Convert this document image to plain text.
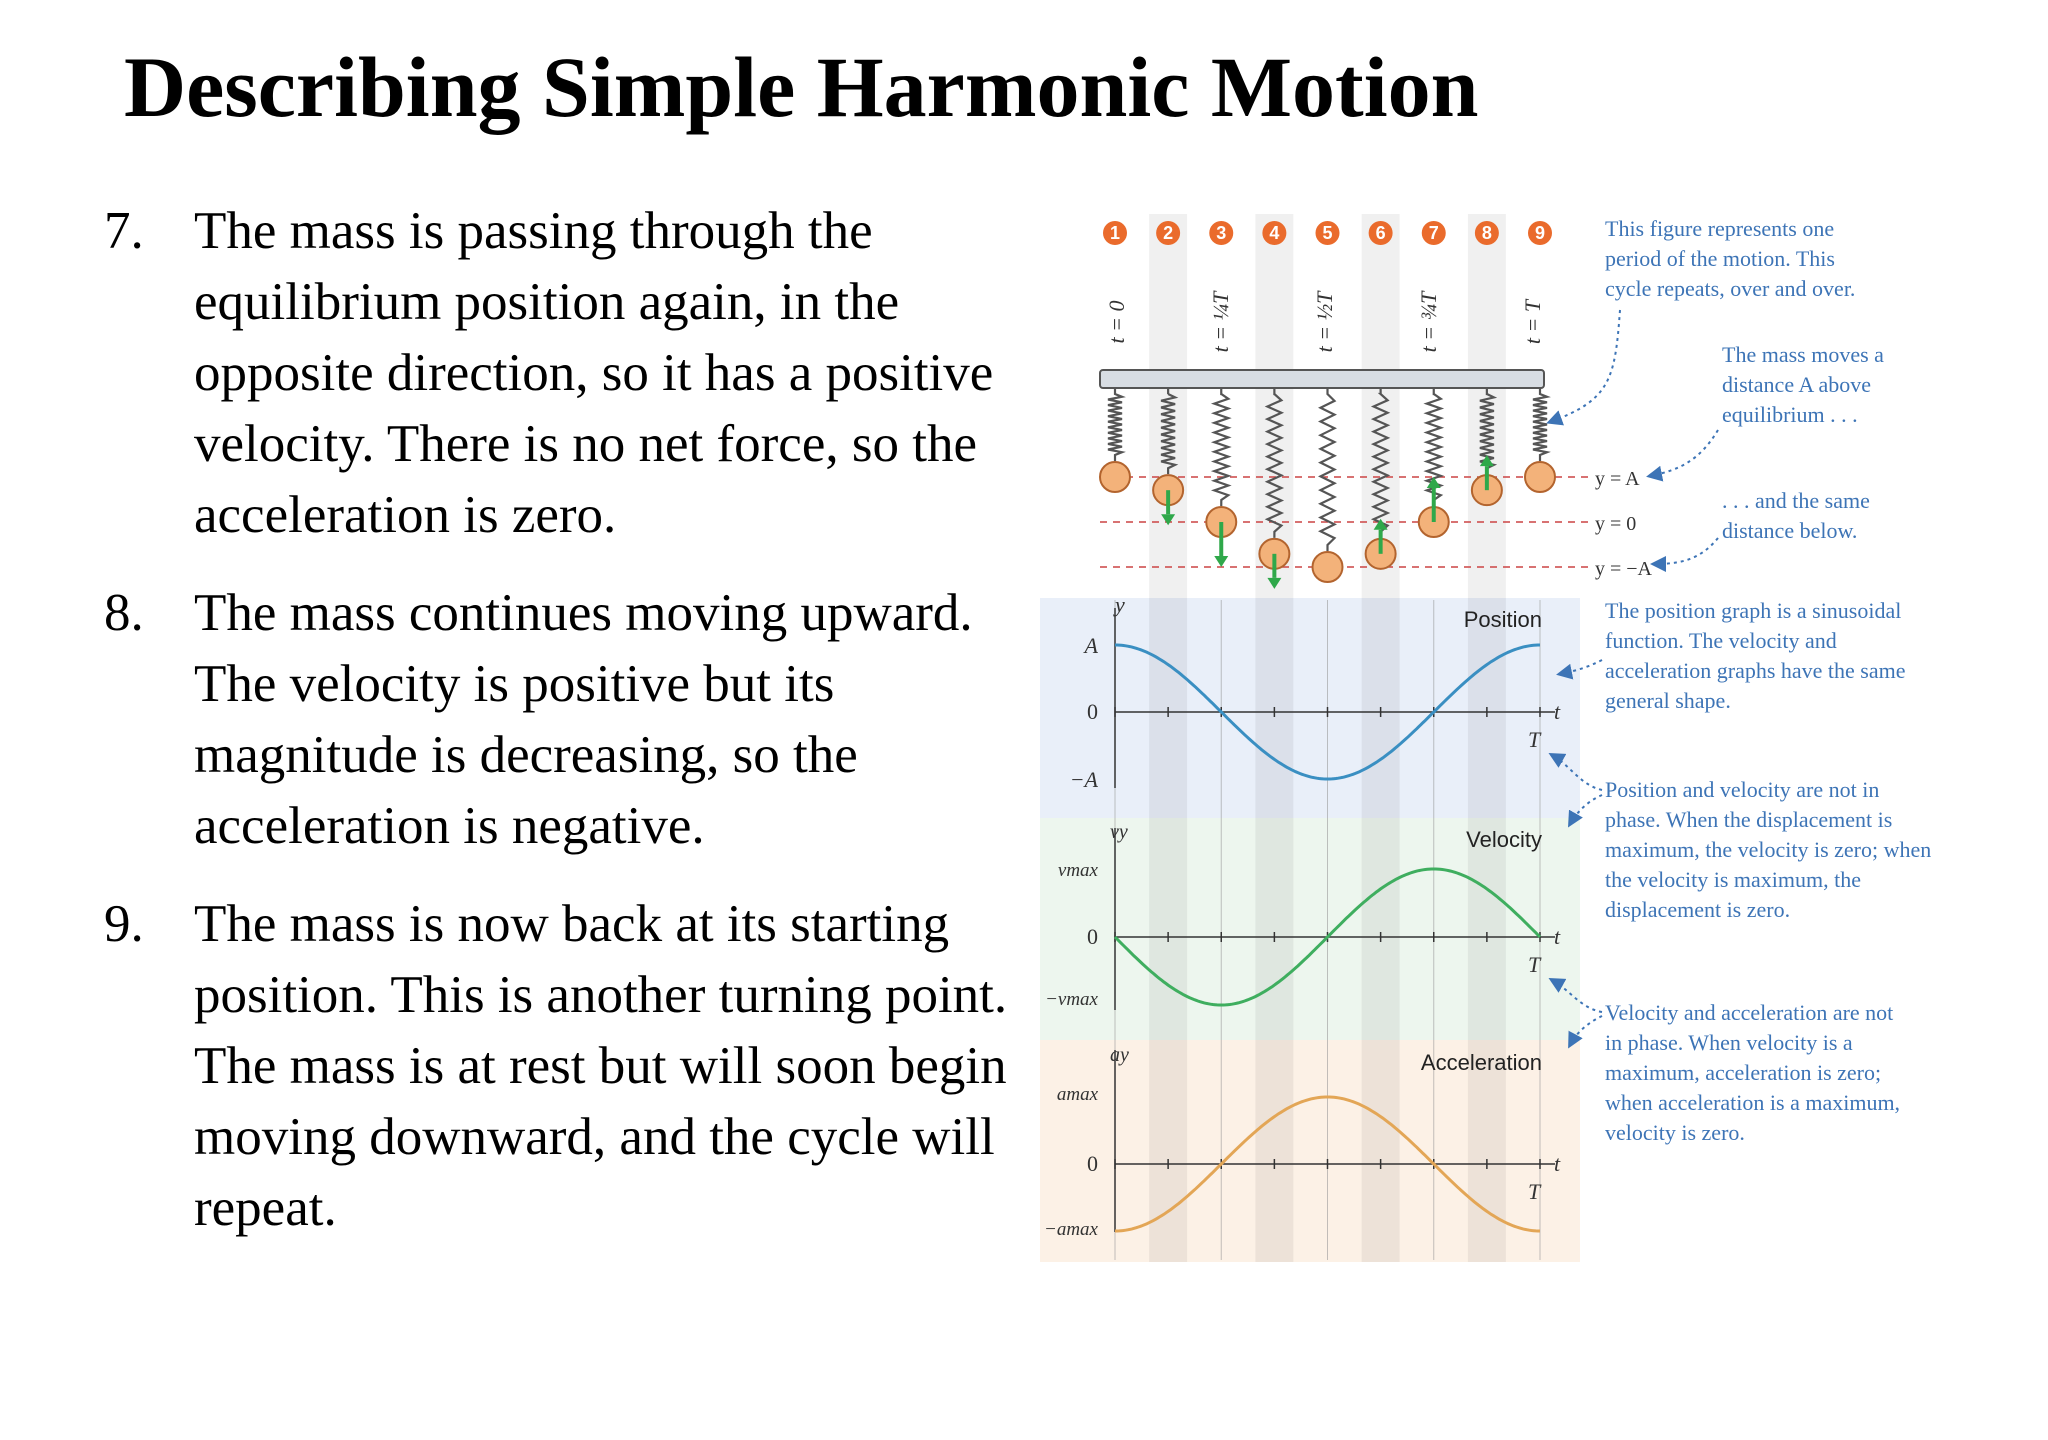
Describing Simple Harmonic Motion
7. The mass is passing through the equilibrium position again, in the opposite direction, so it has a positive velocity. There is no net force, so the acceleration is zero.
8. The mass continues moving upward. The velocity is positive but its magnitude is decreasing, so the acceleration is negative.
9. The mass is now back at its starting position. This is another turning point. The mass is at rest but will soon begin moving downward, and the cycle will repeat.
1 2 3 4 5 6 7 8 9
t = 0	t = ¼T	t = ½T	t = ¾T	t = T
y = A
y = 0
y = −A
y
Position
A
0
−A
t
T
vy	Velocity
vmax
0
−vmax
t
T
ay	Acceleration
amax
0
−amax
t
T
This figure represents one period of the motion. This cycle repeats, over and over.
The mass moves a distance A above equilibrium . . .
. . . and the same distance below.
The position graph is a sinusoidal function. The velocity and acceleration graphs have the same general shape.
Position and velocity are not in phase. When the displacement is maximum, the velocity is zero; when the velocity is maximum, the displacement is zero.
Velocity and acceleration are not in phase. When velocity is a maximum, acceleration is zero; when acceleration is a maximum, velocity is zero.
